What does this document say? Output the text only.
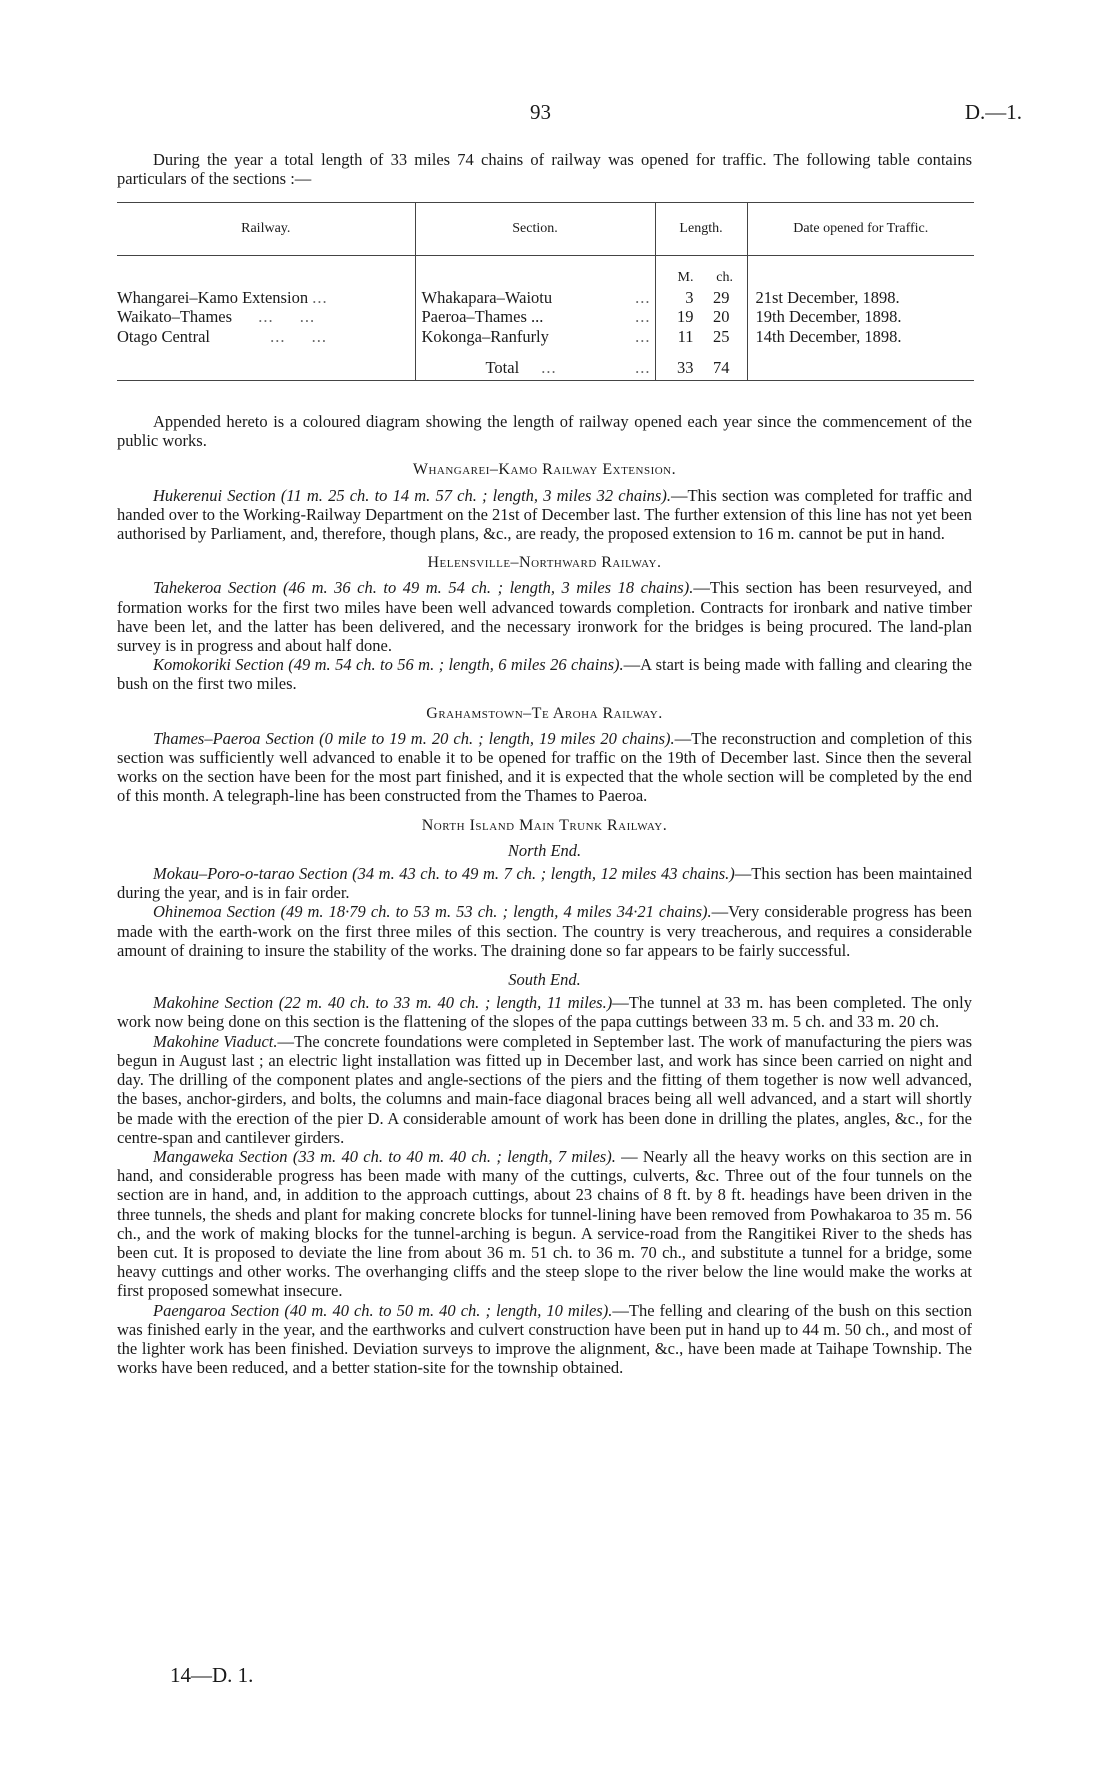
93	D.—1.

During the year a total length of 33 miles 74 chains of railway was opened for traffic. The following table contains particulars of the sections :—

Railway.	Section.	Length.	Date opened for Traffic.
		M. ch.	
Whangarei–Kamo Extension ...	Whakapara–Waiotu ...	3 29	21st December, 1898.
Waikato–Thames ... ...	Paeroa–Thames ... ...	19 20	19th December, 1898.
Otago Central ... ...	Kokonga–Ranfurly ...	11 25	14th December, 1898.
	Total ... ...	33 74	

Appended hereto is a coloured diagram showing the length of railway opened each year since the commencement of the public works.

Whangarei–Kamo Railway Extension.

Hukerenui Section (11 m. 25 ch. to 14 m. 57 ch. ; length, 3 miles 32 chains).—This section was completed for traffic and handed over to the Working-Railway Department on the 21st of December last. The further extension of this line has not yet been authorised by Parliament, and, therefore, though plans, &c., are ready, the proposed extension to 16 m. cannot be put in hand.

Helensville–Northward Railway.

Tahekeroa Section (46 m. 36 ch. to 49 m. 54 ch. ; length, 3 miles 18 chains).—This section has been resurveyed, and formation works for the first two miles have been well advanced towards completion. Contracts for ironbark and native timber have been let, and the latter has been delivered, and the necessary ironwork for the bridges is being procured. The land-plan survey is in progress and about half done.

Komokoriki Section (49 m. 54 ch. to 56 m. ; length, 6 miles 26 chains).—A start is being made with falling and clearing the bush on the first two miles.

Grahamstown–Te Aroha Railway.

Thames–Paeroa Section (0 mile to 19 m. 20 ch. ; length, 19 miles 20 chains).—The reconstruction and completion of this section was sufficiently well advanced to enable it to be opened for traffic on the 19th of December last. Since then the several works on the section have been for the most part finished, and it is expected that the whole section will be completed by the end of this month. A telegraph-line has been constructed from the Thames to Paeroa.

North Island Main Trunk Railway.
North End.

Mokau–Poro-o-tarao Section (34 m. 43 ch. to 49 m. 7 ch. ; length, 12 miles 43 chains.)—This section has been maintained during the year, and is in fair order.

Ohinemoa Section (49 m. 18·79 ch. to 53 m. 53 ch. ; length, 4 miles 34·21 chains).—Very considerable progress has been made with the earth-work on the first three miles of this section. The country is very treacherous, and requires a considerable amount of draining to insure the stability of the works. The draining done so far appears to be fairly successful.

South End.

Makohine Section (22 m. 40 ch. to 33 m. 40 ch. ; length, 11 miles.)—The tunnel at 33 m. has been completed. The only work now being done on this section is the flattening of the slopes of the papa cuttings between 33 m. 5 ch. and 33 m. 20 ch.

Makohine Viaduct.—The concrete foundations were completed in September last. The work of manufacturing the piers was begun in August last ; an electric light installation was fitted up in December last, and work has since been carried on night and day. The drilling of the component plates and angle-sections of the piers and the fitting of them together is now well advanced, the bases, anchor-girders, and bolts, the columns and main-face diagonal braces being all well advanced, and a start will shortly be made with the erection of the pier D. A considerable amount of work has been done in drilling the plates, angles, &c., for the centre-span and cantilever girders.

Mangaweka Section (33 m. 40 ch. to 40 m. 40 ch. ; length, 7 miles). — Nearly all the heavy works on this section are in hand, and considerable progress has been made with many of the cuttings, culverts, &c. Three out of the four tunnels on the section are in hand, and, in addition to the approach cuttings, about 23 chains of 8 ft. by 8 ft. headings have been driven in the three tunnels, the sheds and plant for making concrete blocks for tunnel-lining have been removed from Powhakaroa to 35 m. 56 ch., and the work of making blocks for the tunnel-arching is begun. A service-road from the Rangitikei River to the sheds has been cut. It is proposed to deviate the line from about 36 m. 51 ch. to 36 m. 70 ch., and substitute a tunnel for a bridge, some heavy cuttings and other works. The overhanging cliffs and the steep slope to the river below the line would make the works at first proposed somewhat insecure.

Paengaroa Section (40 m. 40 ch. to 50 m. 40 ch. ; length, 10 miles).—The felling and clearing of the bush on this section was finished early in the year, and the earthworks and culvert construction have been put in hand up to 44 m. 50 ch., and most of the lighter work has been finished. Deviation surveys to improve the alignment, &c., have been made at Taihape Township. The works have been reduced, and a better station-site for the township obtained.

14—D. 1.
